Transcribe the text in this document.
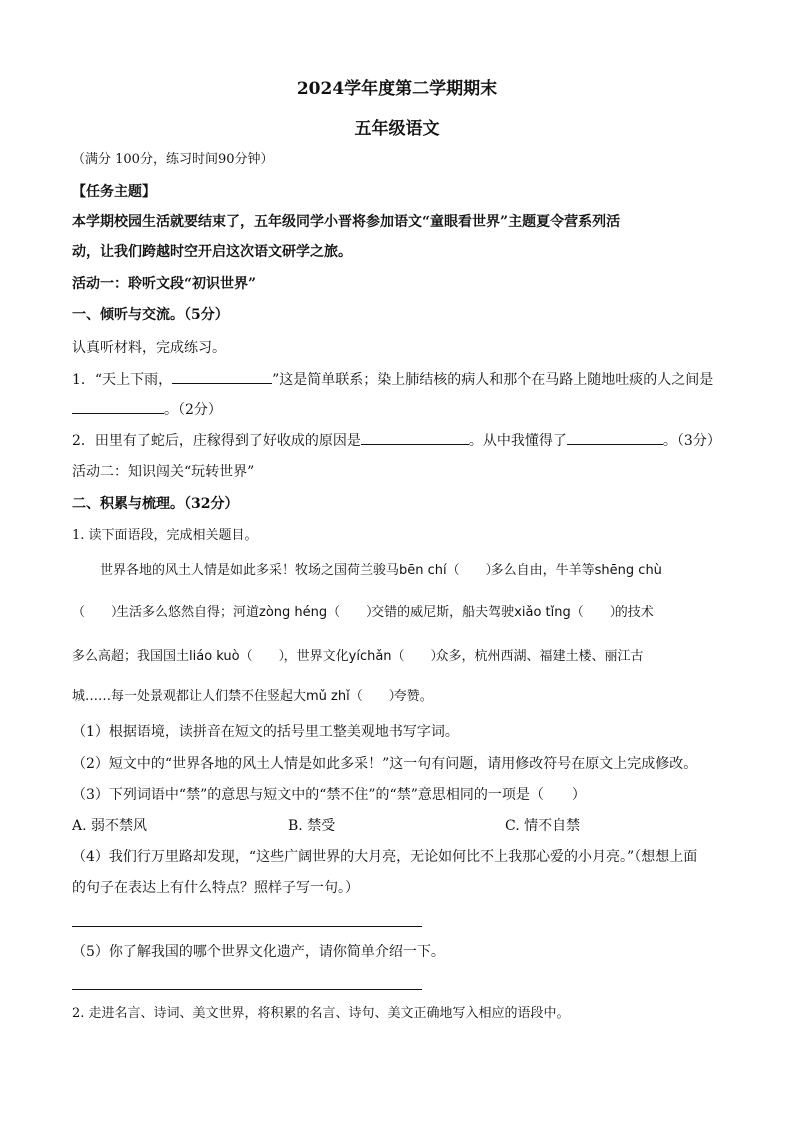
2024学年度第二学期期末
五年级语文
（满分 100分，练习时间90分钟）
【任务主题】
本学期校园生活就要结束了，五年级同学小晋将参加语文“童眼看世界”主题夏令营系列活
动，让我们跨越时空开启这次语文研学之旅。
活动一：聆听文段“初识世界”
一、倾听与交流。（5分）
认真听材料，完成练习。
1．“天上下雨，	”这是简单联系；染上肺结核的病人和那个在马路上随地吐痰的人之间是
。（2分）
2．田里有了蛇后，庄稼得到了好收成的原因是	。从中我懂得了	。（3分）
活动二：知识闯关“玩转世界”
二、积累与梳理。（32分）
1. 读下面语段，完成相关题目。
世界各地的风土人情是如此多采！牧场之国荷兰骏马bēn chí（　　）多么自由，牛羊等shēng chù
（　　）生活多么悠然自得；河道zòng héng（　　）交错的威尼斯，船夫驾驶xiǎo tǐng（　　）的技术
多么高超；我国国土liáo kuò（　　），世界文化yíchǎn（　　）众多，杭州西湖、福建土楼、丽江古
城……每一处景观都让人们禁不住竖起大mǔ zhǐ（　　）夸赞。
（1）根据语境，读拼音在短文的括号里工整美观地书写字词。
（2）短文中的“世界各地的风土人情是如此多采！”这一句有问题，请用修改符号在原文上完成修改。
（3）下列词语中“禁”的意思与短文中的“禁不住”的“禁”意思相同的一项是（　　）
A. 弱不禁风	B. 禁受	C. 情不自禁
（4）我们行万里路却发现，“这些广阔世界的大月亮，无论如何比不上我那心爱的小月亮。”（想想上面
的句子在表达上有什么特点？照样子写一句。）
（5）你了解我国的哪个世界文化遗产，请你简单介绍一下。
2. 走进名言、诗词、美文世界，将积累的名言、诗句、美文正确地写入相应的语段中。
